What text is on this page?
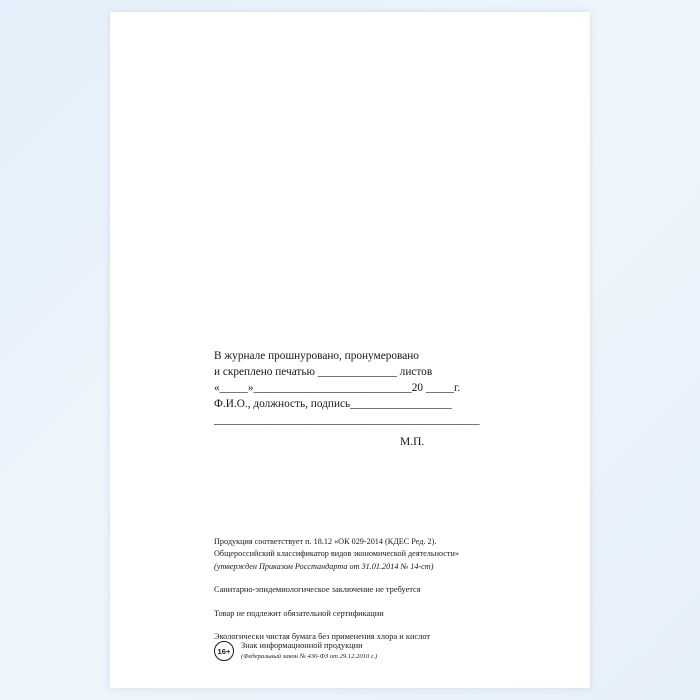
В журнале прошнуровано, пронумеровано
и скреплено печатью ______________ листов
«_____»____________________________20 _____г.
Ф.И.О., должность, подпись__________________
_______________________________________________
М.П.

Продукция соответствует п. 18.12 «ОК 029-2014 (КДЕС Ред. 2).

Общероссийский классификатор видов экономической деятельности»

(утвержден Приказом Росстандарта от 31.01.2014 № 14-ст)

Санитарно-эпидемиологическое заключение не требуется

Товар не подлежит обязательной сертификации

Экологически чистая бумага без применения хлора и кислот

16+
Знак информационной продукции
(Федеральный закон № 436-ФЗ от 29.12.2010 г.)
